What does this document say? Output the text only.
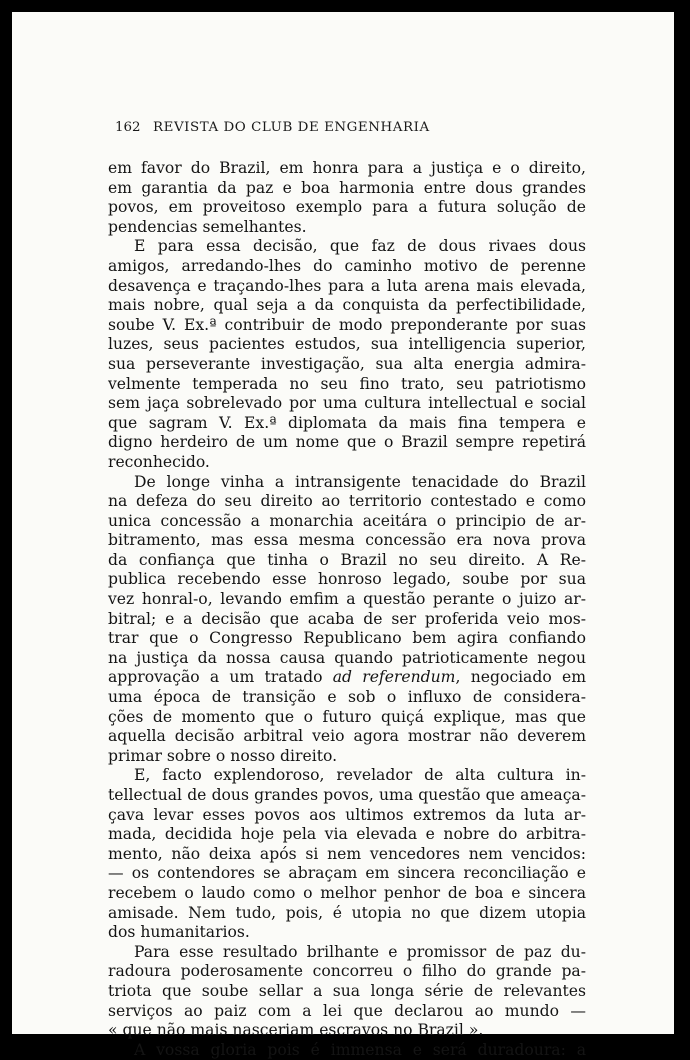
162 REVISTA DO CLUB DE ENGENHARIA
em favor do Brazil, em honra para a justiça e o direito,
em garantia da paz e boa harmonia entre dous grandes
povos, em proveitoso exemplo para a futura solução de
pendencias semelhantes.
E para essa decisão, que faz de dous rivaes dous
amigos, arredando-lhes do caminho motivo de perenne
desavença e traçando-lhes para a luta arena mais elevada,
mais nobre, qual seja a da conquista da perfectibilidade,
soube V. Ex.ª contribuir de modo preponderante por suas
luzes, seus pacientes estudos, sua intelligencia superior,
sua perseverante investigação, sua alta energia admira-
velmente temperada no seu fino trato, seu patriotismo
sem jaça sobrelevado por uma cultura intellectual e social
que sagram V. Ex.ª diplomata da mais fina tempera e
digno herdeiro de um nome que o Brazil sempre repetirá
reconhecido.
De longe vinha a intransigente tenacidade do Brazil
na defeza do seu direito ao territorio contestado e como
unica concessão a monarchia aceitára o principio de ar-
bitramento, mas essa mesma concessão era nova prova
da confiança que tinha o Brazil no seu direito. A Re-
publica recebendo esse honroso legado, soube por sua
vez honral-o, levando emfim a questão perante o juizo ar-
bitral; e a decisão que acaba de ser proferida veio mos-
trar que o Congresso Republicano bem agira confiando
na justiça da nossa causa quando patrioticamente negou
approvação a um tratado ad referendum, negociado em
uma época de transição e sob o influxo de considera-
ções de momento que o futuro quiçá explique, mas que
aquella decisão arbitral veio agora mostrar não deverem
primar sobre o nosso direito.
E, facto explendoroso, revelador de alta cultura in-
tellectual de dous grandes povos, uma questão que ameaça-
çava levar esses povos aos ultimos extremos da luta ar-
mada, decidida hoje pela via elevada e nobre do arbitra-
mento, não deixa após si nem vencedores nem vencidos:
— os contendores se abraçam em sincera reconciliação e
recebem o laudo como o melhor penhor de boa e sincera
amisade. Nem tudo, pois, é utopia no que dizem utopia
dos humanitarios.
Para esse resultado brilhante e promissor de paz du-
radoura poderosamente concorreu o filho do grande pa-
triota que soube sellar a sua longa série de relevantes
serviços ao paiz com a lei que declarou ao mundo —
« que não mais nasceriam escravos no Brazil ».
A vossa gloria pois é immensa e será duradoura: a
